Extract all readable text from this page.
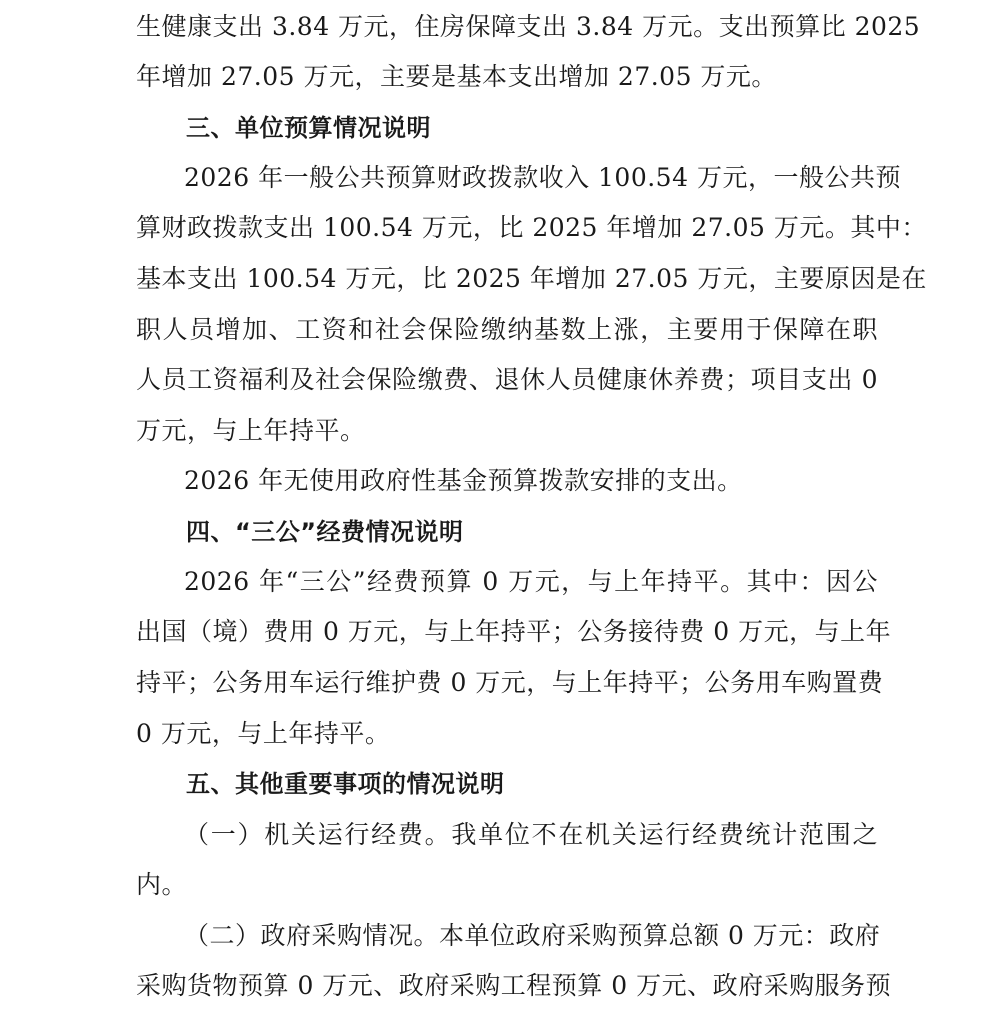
生健康支出 3.84 万元，住房保障支出 3.84 万元。支出预算比 2025
年增加 27.05 万元，主要是基本支出增加 27.05 万元。
三、单位预算情况说明
2026 年一般公共预算财政拨款收入 100.54 万元，一般公共预
算财政拨款支出 100.54 万元，比 2025 年增加 27.05 万元。其中：
基本支出 100.54 万元，比 2025 年增加 27.05 万元，主要原因是在
职人员增加、工资和社会保险缴纳基数上涨，主要用于保障在职
人员工资福利及社会保险缴费、退休人员健康休养费；项目支出 0
万元，与上年持平。
2026 年无使用政府性基金预算拨款安排的支出。
四、“三公”经费情况说明
2026 年“三公”经费预算 0 万元，与上年持平。其中：因公
出国（境）费用 0 万元，与上年持平；公务接待费 0 万元，与上年
持平；公务用车运行维护费 0 万元，与上年持平；公务用车购置费
0 万元，与上年持平。
五、其他重要事项的情况说明
（一）机关运行经费。我单位不在机关运行经费统计范围之
内。
（二）政府采购情况。本单位政府采购预算总额 0 万元：政府
采购货物预算 0 万元、政府采购工程预算 0 万元、政府采购服务预
